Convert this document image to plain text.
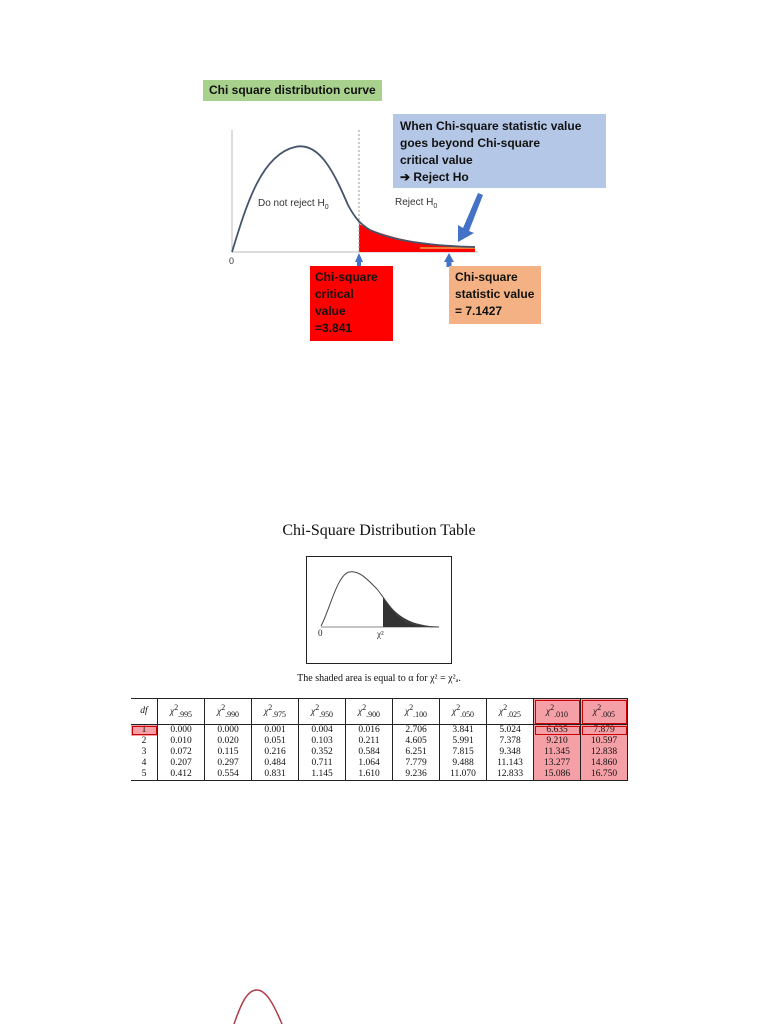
Chi square distribution curve
Do not reject $H_0$	Reject $H_0$
0
When Chi-square statistic value
goes beyond Chi-square
critical value
➔ Reject Ho
Chi-square
critical
value
=3.841
Chi-square
statistic value
= 7.1427
Chi-Square Distribution Table
0	χ²
The shaded area is equal to α for χ² = χ²ₐ.
df	$\chi^2_{.995}$	$\chi^2_{.990}$	$\chi^2_{.975}$	$\chi^2_{.950}$	$\chi^2_{.900}$	$\chi^2_{.100}$	$\chi^2_{.050}$	$\chi^2_{.025}$	$\chi^2_{.010}$	$\chi^2_{.005}$
1	0.000	0.000	0.001	0.004	0.016	2.706	3.841	5.024	6.635	7.879
2	0.010	0.020	0.051	0.103	0.211	4.605	5.991	7.378	9.210	10.597
3	0.072	0.115	0.216	0.352	0.584	6.251	7.815	9.348	11.345	12.838
4	0.207	0.297	0.484	0.711	1.064	7.779	9.488	11.143	13.277	14.860
5	0.412	0.554	0.831	1.145	1.610	9.236	11.070	12.833	15.086	16.750
